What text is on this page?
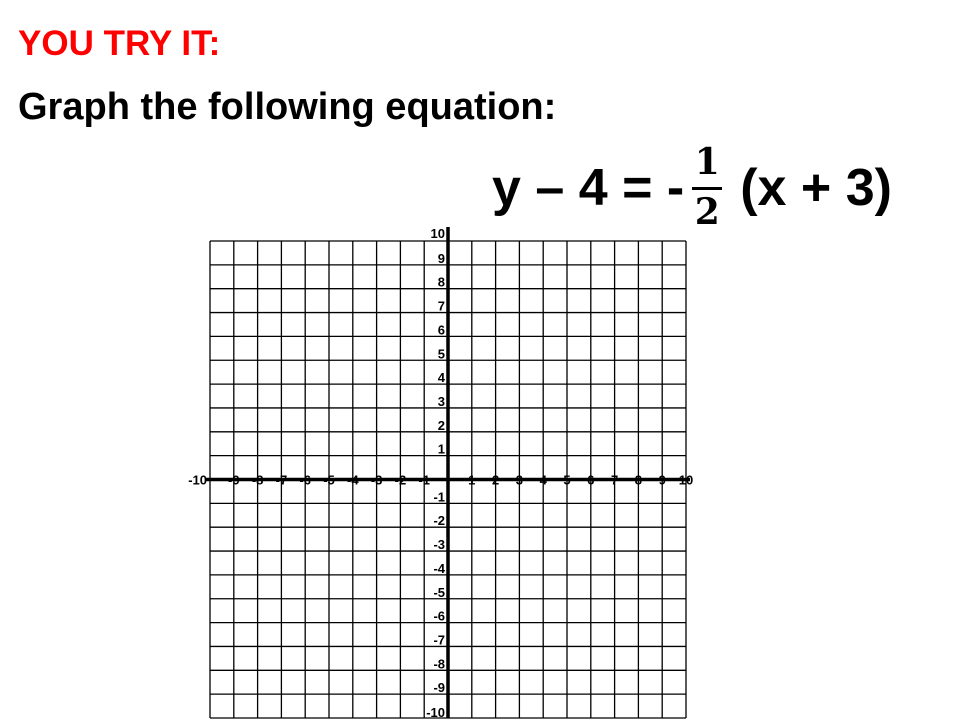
YOU TRY IT:
Graph the following equation:
y – 4 = - $\frac{1}{2} (x + 3)$
-10 -9 -8 -7 -6 -5 -4 -3 -2 -1	1 2 3 4 5 6 7 8 9 10
10
9
8
7
6
5
4
3
2
1
-1
-2
-3
-4
-5
-6
-7
-8
-9
-10
